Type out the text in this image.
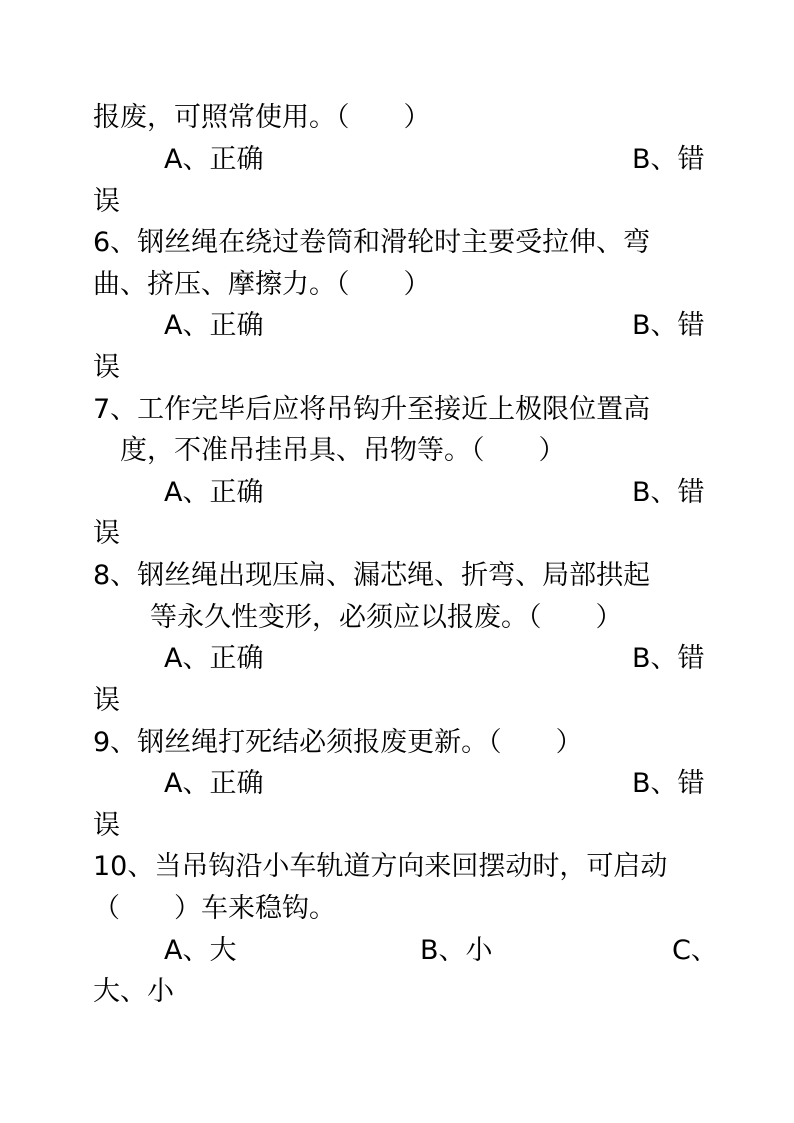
报废，可照常使用。（　　）
A、正确	B、错
误
6、钢丝绳在绕过卷筒和滑轮时主要受拉伸、弯
曲、挤压、摩擦力。（　　）
A、正确	B、错
误
7、工作完毕后应将吊钩升至接近上极限位置高
度，不准吊挂吊具、吊物等。（　　）
A、正确	B、错
误
8、钢丝绳出现压扁、漏芯绳、折弯、局部拱起
等永久性变形，必须应以报废。（　　）
A、正确	B、错
误
9、钢丝绳打死结必须报废更新。（　　）
A、正确	B、错
误
10、当吊钩沿小车轨道方向来回摆动时，可启动
（　　）车来稳钩。
A、大	B、小	C、
大、小
